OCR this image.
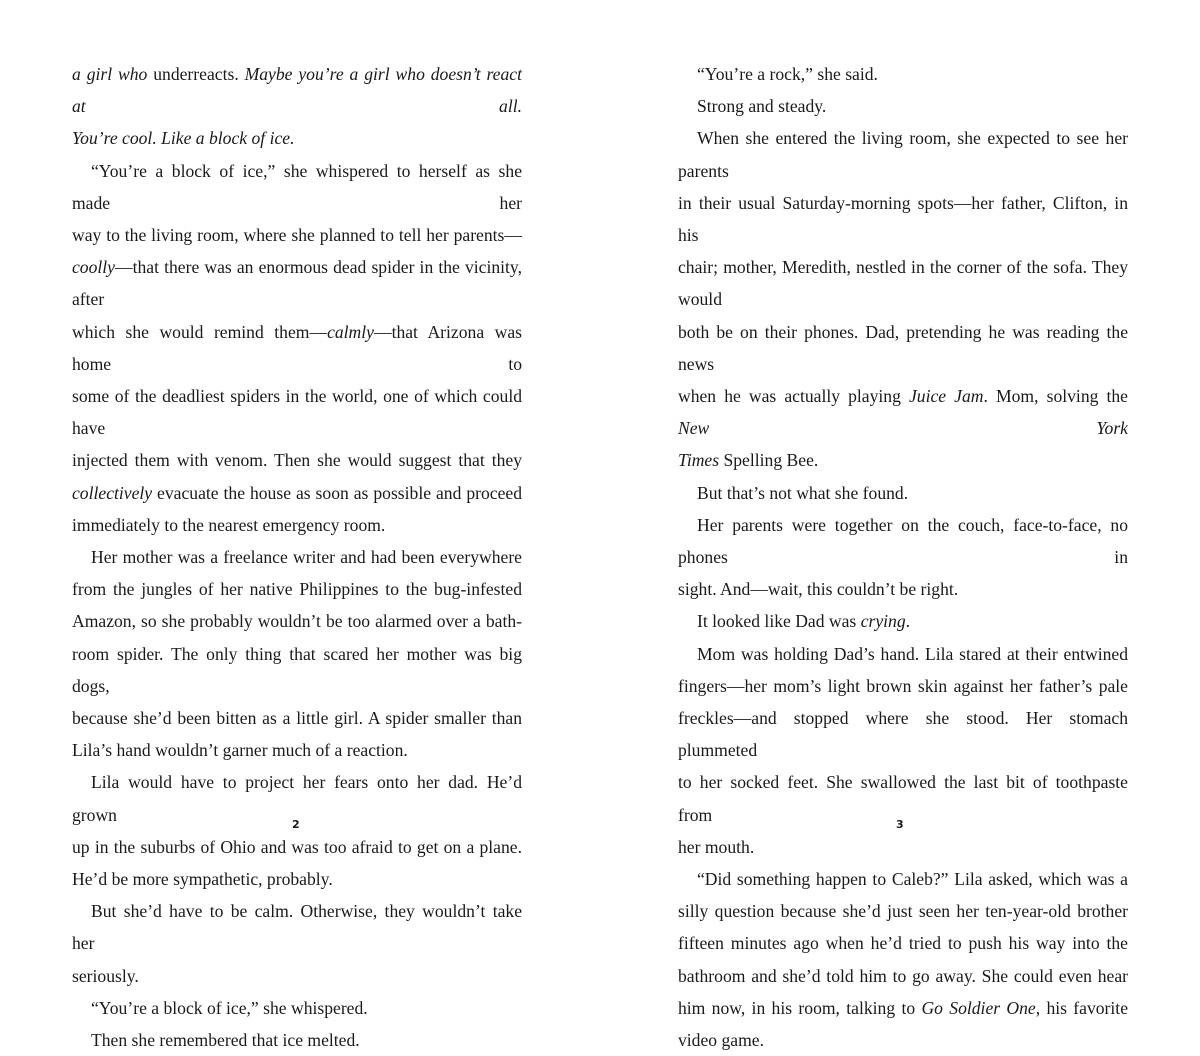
a girl who underreacts. Maybe you’re a girl who doesn’t react at all.
You’re cool. Like a block of ice.

“You’re a block of ice,” she whispered to herself as she made her
way to the living room, where she planned to tell her parents—
coolly—that there was an enormous dead spider in the vicinity, after
which she would remind them—calmly—that Arizona was home to
some of the deadliest spiders in the world, one of which could have
injected them with venom. Then she would suggest that they
collectively evacuate the house as soon as possible and proceed
immediately to the nearest emergency room.

Her mother was a freelance writer and had been everywhere
from the jungles of her native Philippines to the bug-infested
Amazon, so she probably wouldn’t be too alarmed over a bath-
room spider. The only thing that scared her mother was big dogs,
because she’d been bitten as a little girl. A spider smaller than
Lila’s hand wouldn’t garner much of a reaction.

Lila would have to project her fears onto her dad. He’d grown
up in the suburbs of Ohio and was too afraid to get on a plane.
He’d be more sympathetic, probably.

But she’d have to be calm. Otherwise, they wouldn’t take her
seriously.

“You’re a block of ice,” she whispered.

Then she remembered that ice melted.

2

“You’re a rock,” she said.

Strong and steady.

When she entered the living room, she expected to see her parents
in their usual Saturday-morning spots—her father, Clifton, in his
chair; mother, Meredith, nestled in the corner of the sofa. They would
both be on their phones. Dad, pretending he was reading the news
when he was actually playing Juice Jam. Mom, solving the New York
Times Spelling Bee.

But that’s not what she found.

Her parents were together on the couch, face-to-face, no phones in
sight. And—wait, this couldn’t be right.

It looked like Dad was crying.

Mom was holding Dad’s hand. Lila stared at their entwined
fingers—her mom’s light brown skin against her father’s pale
freckles—and stopped where she stood. Her stomach plummeted
to her socked feet. She swallowed the last bit of toothpaste from
her mouth.

“Did something happen to Caleb?” Lila asked, which was a
silly question because she’d just seen her ten-year-old brother
fifteen minutes ago when he’d tried to push his way into the
bathroom and she’d told him to go away. She could even hear
him now, in his room, talking to Go Soldier One, his favorite
video game.

3
